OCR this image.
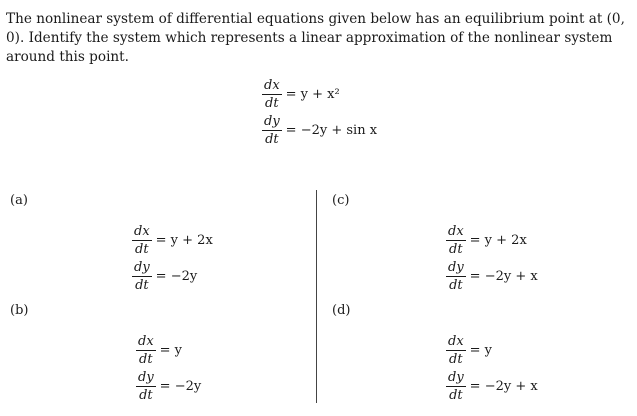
The nonlinear system of differential equations given below has an equilibrium point at (0, 0). Identify the system which represents a linear approximation of the nonlinear system around this point.

$\frac{dx}{dt} = y + x^2$
$\frac{dy}{dt} = -2y + \sin x$
(a)
$\frac{dx}{dt} = y + 2x$
$\frac{dy}{dt} = -2y$
(c)
$\frac{dx}{dt} = y + 2x$
$\frac{dy}{dt} = -2y + x$
(b)
$\frac{dx}{dt} = y$
$\frac{dy}{dt} = -2y$
(d)
$\frac{dx}{dt} = y$
$\frac{dy}{dt} = -2y + x$
